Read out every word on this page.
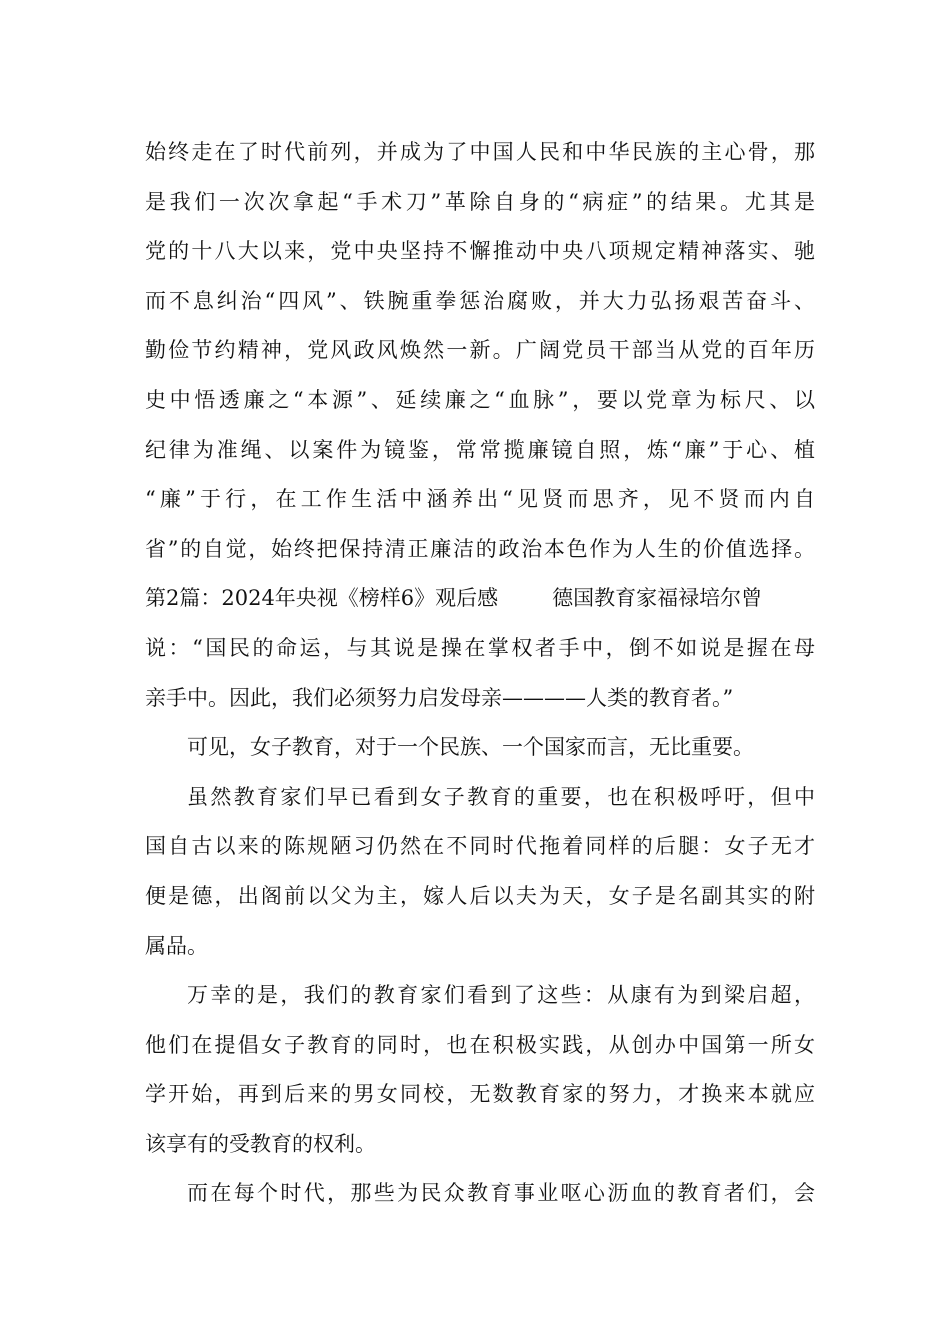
始终走在了时代前列，并成为了中国人民和中华民族的主心骨，那
是我们一次次拿起“手术刀”革除自身的“病症”的结果。尤其是
党的十八大以来，党中央坚持不懈推动中央八项规定精神落实、驰
而不息纠治“四风”、铁腕重拳惩治腐败，并大力弘扬艰苦奋斗、
勤俭节约精神，党风政风焕然一新。广阔党员干部当从党的百年历
史中悟透廉之“本源”、延续廉之“血脉”，要以党章为标尺、以
纪律为准绳、以案件为镜鉴，常常揽廉镜自照，炼“廉”于心、植
“廉”于行，在工作生活中涵养出“见贤而思齐，见不贤而内自
省”的自觉，始终把保持清正廉洁的政治本色作为人生的价值选择。
第2篇：2024年央视《榜样6》观后感	德国教育家福禄培尔曾
说：“国民的命运，与其说是操在掌权者手中，倒不如说是握在母
亲手中。因此，我们必须努力启发母亲————人类的教育者。”
可见，女子教育，对于一个民族、一个国家而言，无比重要。
虽然教育家们早已看到女子教育的重要，也在积极呼吁，但中
国自古以来的陈规陋习仍然在不同时代拖着同样的后腿：女子无才
便是德，出阁前以父为主，嫁人后以夫为天，女子是名副其实的附
属品。
万幸的是，我们的教育家们看到了这些：从康有为到梁启超，
他们在提倡女子教育的同时，也在积极实践，从创办中国第一所女
学开始，再到后来的男女同校，无数教育家的努力，才换来本就应
该享有的受教育的权利。
而在每个时代，那些为民众教育事业呕心沥血的教育者们，会
